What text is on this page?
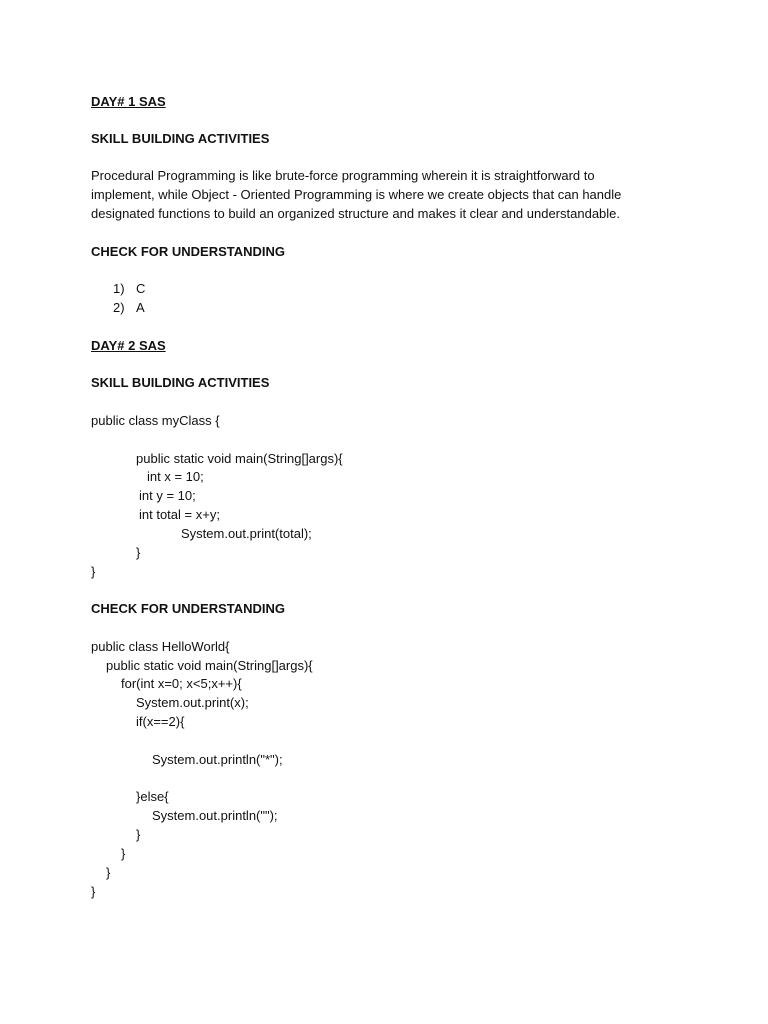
DAY# 1 SAS
SKILL BUILDING ACTIVITIES
Procedural Programming is like brute-force programming wherein it is straightforward to
implement, while Object - Oriented Programming is where we create objects that can handle
designated functions to build an organized structure and makes it clear and understandable.
CHECK FOR UNDERSTANDING
1) C
2) A
DAY# 2 SAS
SKILL BUILDING ACTIVITIES
public class myClass {
public static void main(String[]args){
int x = 10;
int y = 10;
int total = x+y;
System.out.print(total);
}
}
CHECK FOR UNDERSTANDING
public class HelloWorld{
public static void main(String[]args){
for(int x=0; x<5;x++){
System.out.print(x);
if(x==2){
System.out.println("*");
}else{
System.out.println("");
}
}
}
}
